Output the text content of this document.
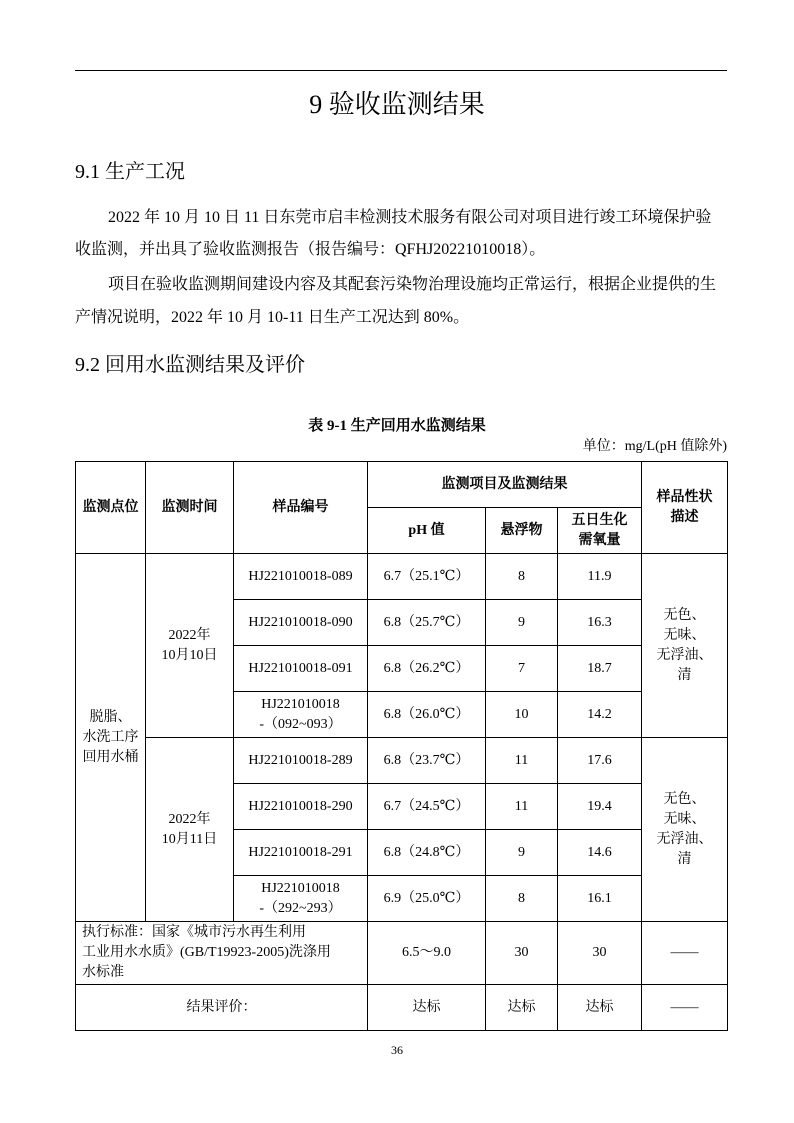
9 验收监测结果
9.1 生产工况

2022 年 10 月 10 日 11 日东莞市启丰检测技术服务有限公司对项目进行竣工环境保护验

收监测，并出具了验收监测报告（报告编号：QFHJ20221010018）。

项目在验收监测期间建设内容及其配套污染物治理设施均正常运行，根据企业提供的生

产情况说明，2022 年 10 月 10-11 日生产工况达到 80%。

9.2 回用水监测结果及评价

表 9-1 生产回用水监测结果

单位：mg/L(pH 值除外)

监测点位	监测时间	样品编号	监测项目及监测结果			样品性状
描述

			pH 值	悬浮物	五日生化
需氧量	

脱脂、
水洗工序
回用水桶	2022年
10月10日	HJ221010018-089	6.7（25.1℃）	8	11.9	无色、
无味、
无浮油、
清

		HJ221010018-090	6.8（25.7℃）	9	16.3	

		HJ221010018-091	6.8（26.2℃）	7	18.7	

		HJ221010018
-（092~093）	6.8（26.0℃）	10	14.2	

	2022年
10月11日	HJ221010018-289	6.8（23.7℃）	11	17.6	无色、
无味、
无浮油、
清

		HJ221010018-290	6.7（24.5℃）	11	19.4	

		HJ221010018-291	6.8（24.8℃）	9	14.6	

		HJ221010018
-（292~293）	6.9（25.0℃）	8	16.1	

执行标准：国家《城市污水再生利用
工业用水水质》(GB/T19923-2005)洗涤用
水标准			6.5～9.0	30	30	——
结果评价：			达标	达标	达标	——

36
